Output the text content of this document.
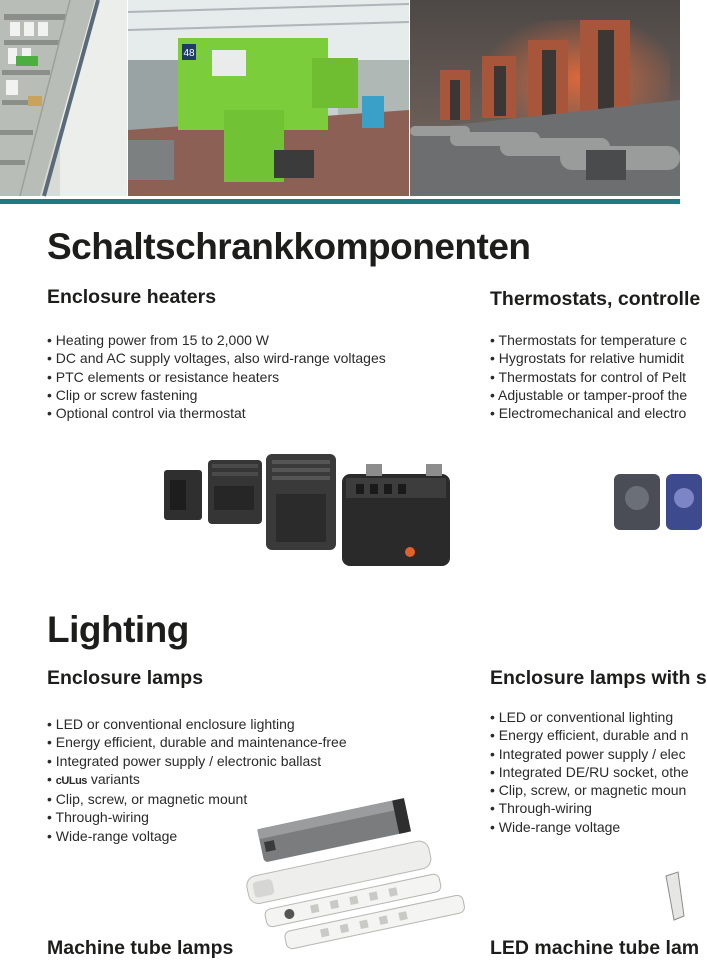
48
Schaltschrankkomponenten
Enclosure heaters
• Heating power from 15 to 2,000 W
• DC and AC supply voltages, also wird-range voltages
• PTC elements or resistance heaters
• Clip or screw fastening
• Optional control via thermostat
Thermostats, controlle
• Thermostats for temperature c
• Hygrostats for relative humidit
• Thermostats for control of Pelt
• Adjustable or tamper-proof the
• Electromechanical and electro
Lighting
Enclosure lamps
• LED or conventional enclosure lighting
• Energy efficient, durable and maintenance-free
• Integrated power supply / electronic ballast
• cULus variants
• Clip, screw, or magnetic mount
• Through-wiring
• Wide-range voltage
Enclosure lamps with s
• LED or conventional lighting
• Energy efficient, durable and n
• Integrated power supply / elec
• Integrated DE/RU socket, othe
• Clip, screw, or magnetic moun
• Through-wiring
• Wide-range voltage
Machine tube lamps	LED machine tube lam
